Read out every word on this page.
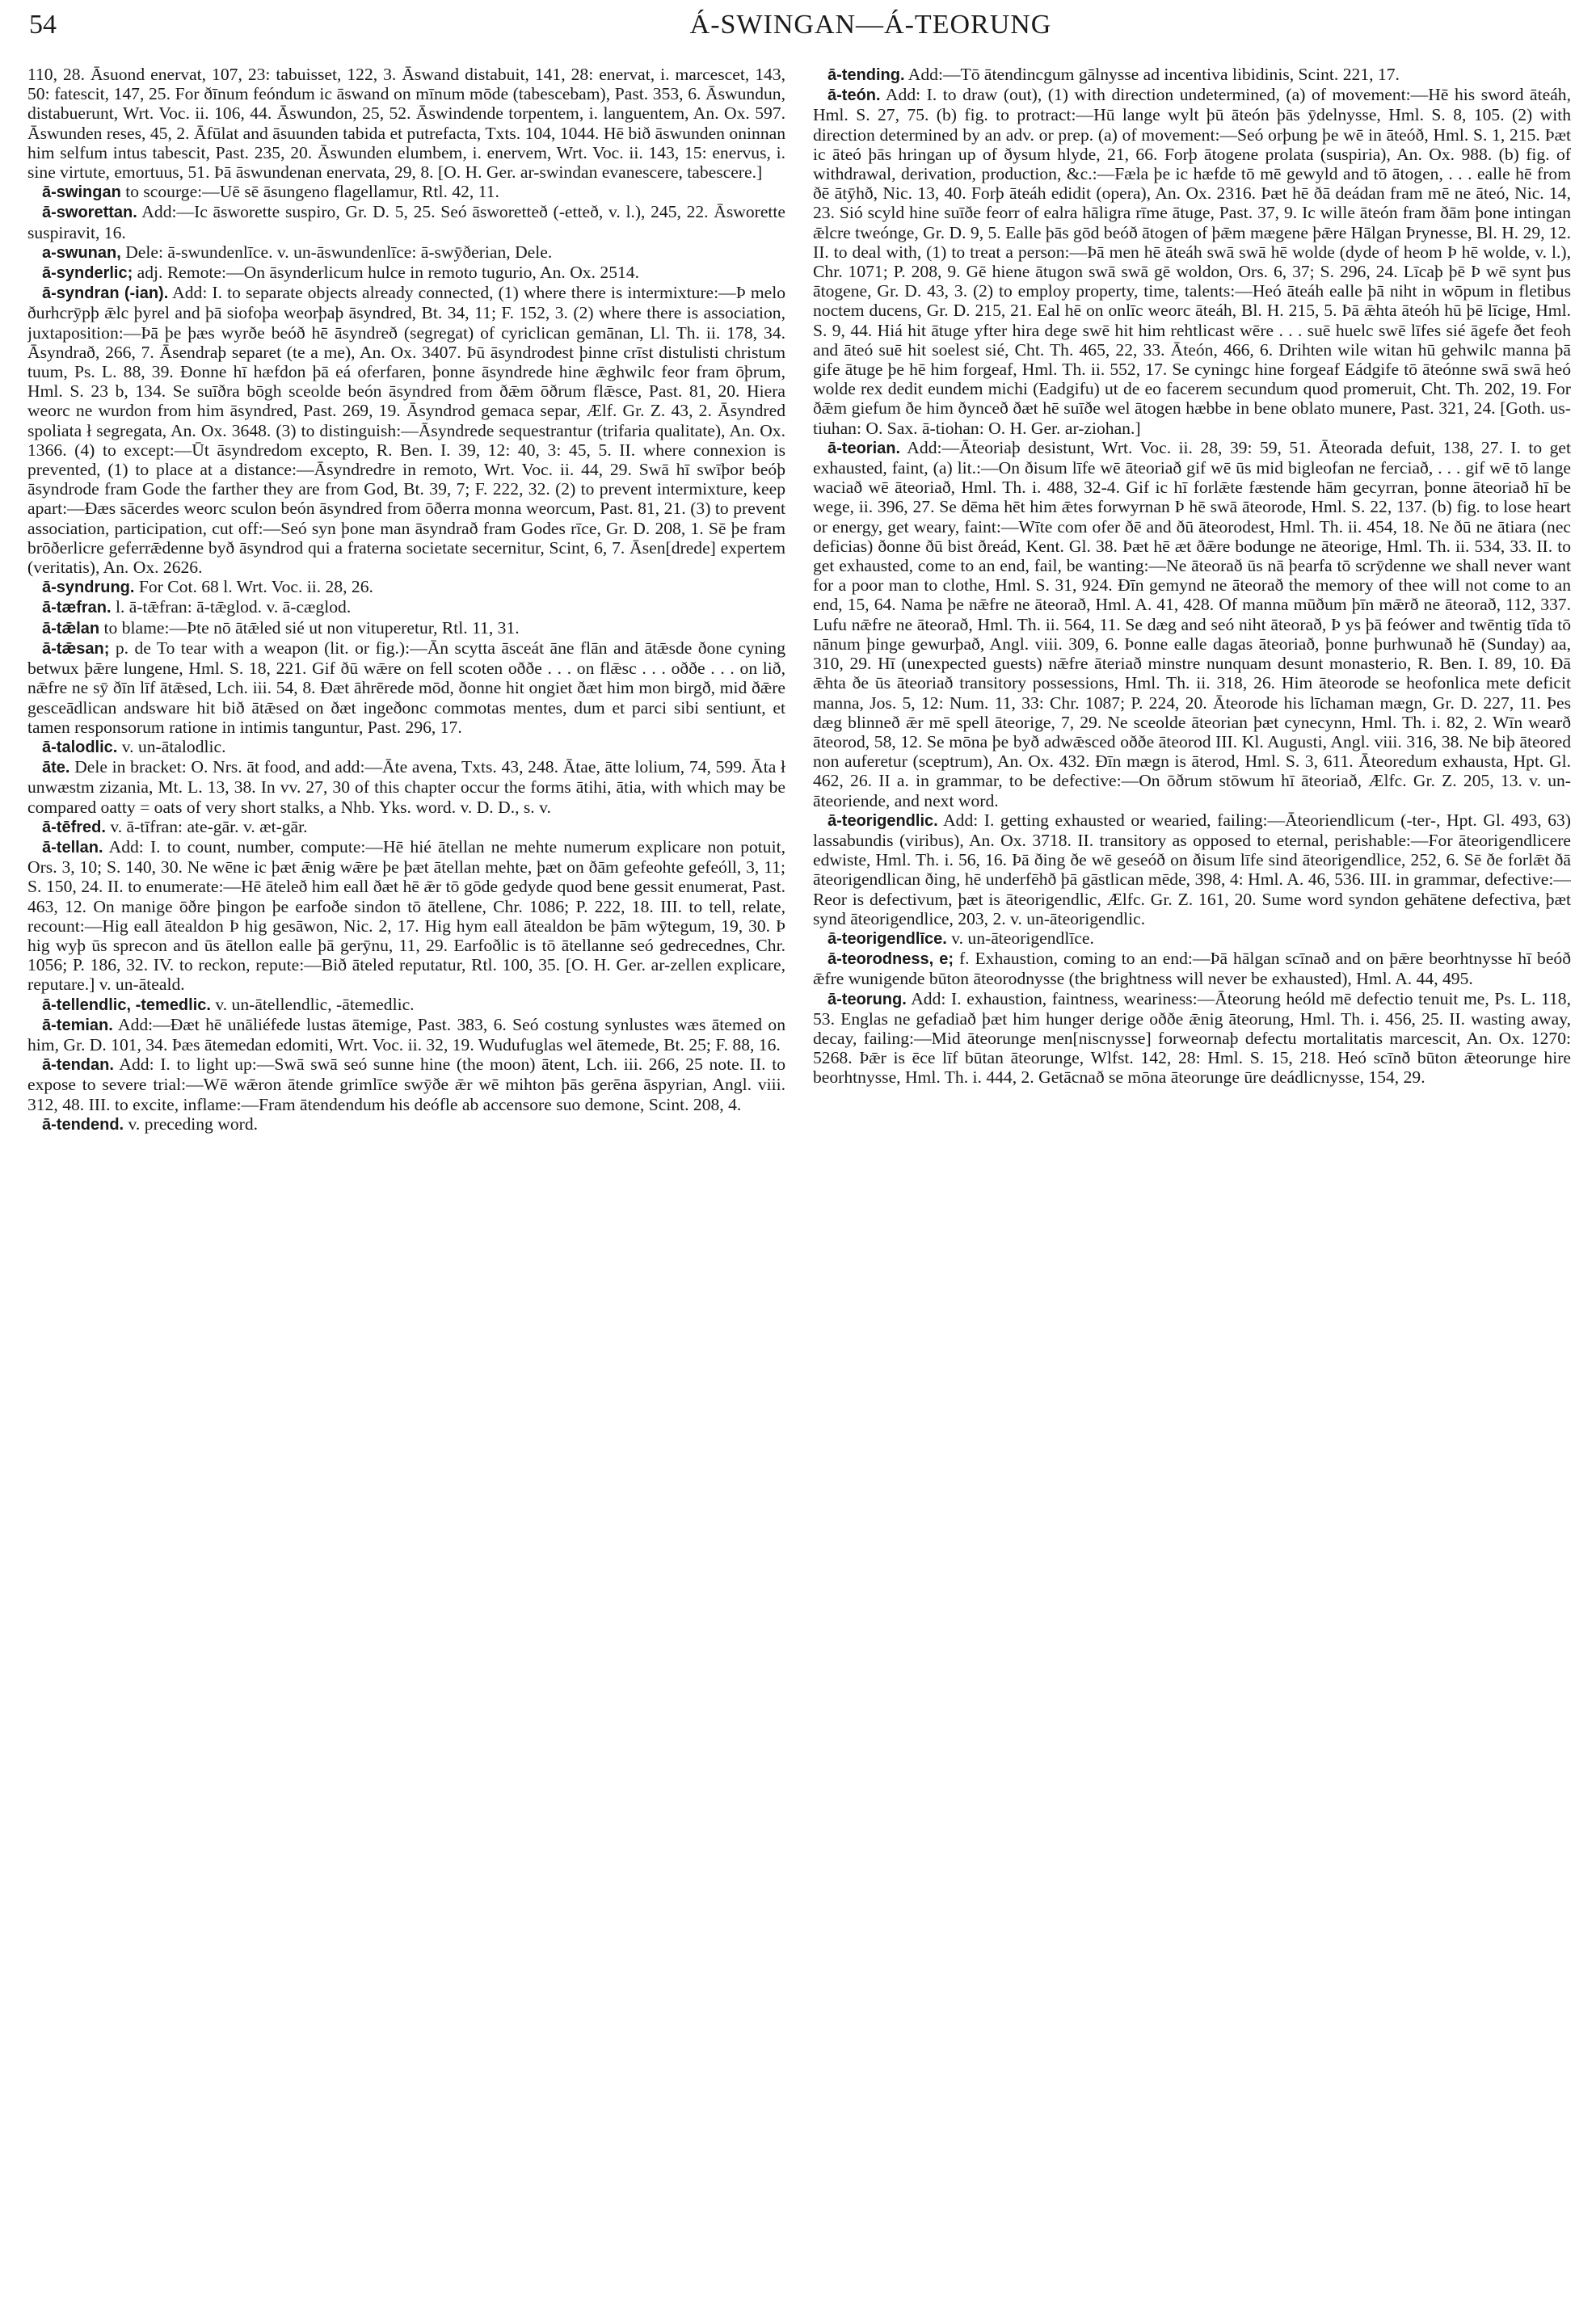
54	Á-SWINGAN—Á-TEORUNG

110, 28. Āsuond enervat, 107, 23: tabuisset, 122, 3. Āswand distabuit, 141, 28: enervat, i. marcescet, 143, 50: fatescit, 147, 25. For ðīnum feóndum ic āswand on mīnum mōde (tabescebam), Past. 353, 6. Āswundun, distabuerunt, Wrt. Voc. ii. 106, 44. Āswundon, 25, 52. Āswindende torpentem, i. languentem, An. Ox. 597. Āswunden reses, 45, 2. Āfūlat and āsuunden tabida et putrefacta, Txts. 104, 1044. Hē bið āswunden oninnan him selfum intus tabescit, Past. 235, 20. Āswunden elumbem, i. enervem, Wrt. Voc. ii. 143, 15: enervus, i. sine virtute, emortuus, 51. Þā āswundenan enervata, 29, 8. [O. H. Ger. ar-swindan evanescere, tabescere.]

ā-swingan to scourge:—Uē sē āsungeno flagellamur, Rtl. 42, 11.

ā-sworettan. Add:—Ic āsworette suspiro, Gr. D. 5, 25. Seó āsworetteð (-etteð, v. l.), 245, 22. Āsworette suspiravit, 16.

a-swunan, Dele: ā-swundenlīce. v. un-āswundenlīce: ā-swȳðerian, Dele.

ā-synderlic; adj. Remote:—On āsynderlicum hulce in remoto tugurio, An. Ox. 2514.

ā-syndran (-ian). Add: I. to separate objects already connected, (1) where there is intermixture:—Þ melo ðurhcrȳpþ ǣlc þyrel and þā siofoþa weorþaþ āsyndred, Bt. 34, 11; F. 152, 3. (2) where there is association, juxtaposition:—Þā þe þæs wyrðe beóð hē āsyndreð (segregat) of cyriclican gemānan, Ll. Th. ii. 178, 34. Āsyndrað, 266, 7. Āsendraþ separet (te a me), An. Ox. 3407. Þū āsyndrodest þinne crīst distulisti christum tuum, Ps. L. 88, 39. Ðonne hī hæfdon þā eá oferfaren, þonne āsyndrede hine ǣghwilc feor fram ōþrum, Hml. S. 23 b, 134. Se suīðra bōgh sceolde beón āsyndred from ðǣm ōðrum flǣsce, Past. 81, 20. Hiera weorc ne wurdon from him āsyndred, Past. 269, 19. Āsyndrod gemaca separ, Ælf. Gr. Z. 43, 2. Āsyndred spoliata ł segregata, An. Ox. 3648. (3) to distinguish:—Āsyndrede sequestrantur (trifaria qualitate), An. Ox. 1366. (4) to except:—Ūt āsyndredom excepto, R. Ben. I. 39, 12: 40, 3: 45, 5. II. where connexion is prevented, (1) to place at a distance:—Āsyndredre in remoto, Wrt. Voc. ii. 44, 29. Swā hī swīþor beóþ āsyndrode fram Gode the farther they are from God, Bt. 39, 7; F. 222, 32. (2) to prevent intermixture, keep apart:—Ðæs sācerdes weorc sculon beón āsyndred from ōðerra monna weorcum, Past. 81, 21. (3) to prevent association, participation, cut off:—Seó syn þone man āsyndrað fram Godes rīce, Gr. D. 208, 1. Sē þe fram brōðerlicre geferrǣdenne byð āsyndrod qui a fraterna societate secernitur, Scint, 6, 7. Āsen[drede] expertem (veritatis), An. Ox. 2626.

ā-syndrung. For Cot. 68 l. Wrt. Voc. ii. 28, 26.

ā-tæfran. l. ā-tǣfran: ā-tǣglod. v. ā-cæglod.

ā-tǣlan to blame:—Þte nō ātǣled sié ut non vituperetur, Rtl. 11, 31.

ā-tǣsan; p. de To tear with a weapon (lit. or fig.):—Ān scytta āsceát āne flān and ātǣsde ðone cyning betwux þǣre lungene, Hml. S. 18, 221. Gif ðū wǣre on fell scoten oððe . . . on flǣsc . . . oððe . . . on lið, nǣfre ne sȳ ðīn līf ātǣsed, Lch. iii. 54, 8. Ðæt āhrērede mōd, ðonne hit ongiet ðæt him mon birgð, mid ðǣre gesceādlican andsware hit bið ātǣsed on ðæt ingeðonc commotas mentes, dum et parci sibi sentiunt, et tamen responsorum ratione in intimis tanguntur, Past. 296, 17.

ā-talodlic. v. un-ātalodlic.

āte. Dele in bracket: O. Nrs. āt food, and add:—Āte avena, Txts. 43, 248. Ātae, ātte lolium, 74, 599. Āta ł unwæstm zizania, Mt. L. 13, 38. In vv. 27, 30 of this chapter occur the forms ātihi, ātia, with which may be compared oatty = oats of very short stalks, a Nhb. Yks. word. v. D. D., s. v.

ā-tēfred. v. ā-tīfran: ate-gār. v. æt-gār.

ā-tellan. Add: I. to count, number, compute:—Hē hié ātellan ne mehte numerum explicare non potuit, Ors. 3, 10; S. 140, 30. Ne wēne ic þæt ǣnig wǣre þe þæt ātellan mehte, þæt on ðām gefeohte gefeóll, 3, 11; S. 150, 24. II. to enumerate:—Hē āteleð him eall ðæt hē ǣr tō gōde gedyde quod bene gessit enumerat, Past. 463, 12. On manige ōðre þingon þe earfoðe sindon tō ātellene, Chr. 1086; P. 222, 18. III. to tell, relate, recount:—Hig eall ātealdon Þ hig gesāwon, Nic. 2, 17. Hig hym eall ātealdon be þām wȳtegum, 19, 30. Þ hig wyþ ūs sprecon and ūs ātellon ealle þā gerȳnu, 11, 29. Earfoðlic is tō ātellanne seó gedrecednes, Chr. 1056; P. 186, 32. IV. to reckon, repute:—Bið āteled reputatur, Rtl. 100, 35. [O. H. Ger. ar-zellen explicare, reputare.] v. un-āteald.

ā-tellendlic, -temedlic. v. un-ātellendlic, -ātemedlic.

ā-temian. Add:—Ðæt hē unāliéfede lustas ātemige, Past. 383, 6. Seó costung synlustes wæs ātemed on him, Gr. D. 101, 34. Þæs ātemedan edomiti, Wrt. Voc. ii. 32, 19. Wudufuglas wel ātemede, Bt. 25; F. 88, 16.

ā-tendan. Add: I. to light up:—Swā swā seó sunne hine (the moon) ātent, Lch. iii. 266, 25 note. II. to expose to severe trial:—Wē wǣron ātende grimlīce swȳðe ǣr wē mihton þās gerēna āspyrian, Angl. viii. 312, 48. III. to excite, inflame:—Fram ātendendum his deófle ab accensore suo demone, Scint. 208, 4.

ā-tendend. v. preceding word.

ā-tending. Add:—Tō ātendincgum gālnysse ad incentiva libidinis, Scint. 221, 17.

ā-teón. Add: I. to draw (out), (1) with direction undetermined, (a) of movement:—Hē his sword āteáh, Hml. S. 27, 75. (b) fig. to protract:—Hū lange wylt þū āteón þās ȳdelnysse, Hml. S. 8, 105. (2) with direction determined by an adv. or prep. (a) of movement:—Seó orþung þe wē in āteóð, Hml. S. 1, 215. Þæt ic āteó þās hringan up of ðysum hlyde, 21, 66. Forþ ātogene prolata (suspiria), An. Ox. 988. (b) fig. of withdrawal, derivation, production, &c.:—Fæla þe ic hæfde tō mē gewyld and tō ātogen, . . . ealle hē from ðē ātȳhð, Nic. 13, 40. Forþ āteáh edidit (opera), An. Ox. 2316. Þæt hē ðā deádan fram mē ne āteó, Nic. 14, 23. Sió scyld hine suīðe feorr of ealra hāligra rīme ātuge, Past. 37, 9. Ic wille āteón fram ðām þone intingan ǣlcre tweónge, Gr. D. 9, 5. Ealle þās gōd beóð ātogen of þǣm mægene þǣre Hālgan Þrynesse, Bl. H. 29, 12. II. to deal with, (1) to treat a person:—Þā men hē āteáh swā swā hē wolde (dyde of heom Þ hē wolde, v. l.), Chr. 1071; P. 208, 9. Gē hiene ātugon swā swā gē woldon, Ors. 6, 37; S. 296, 24. Līcaþ þē Þ wē synt þus ātogene, Gr. D. 43, 3. (2) to employ property, time, talents:—Heó āteáh ealle þā niht in wōpum in fletibus noctem ducens, Gr. D. 215, 21. Eal hē on onlīc weorc āteáh, Bl. H. 215, 5. Þā ǣhta āteóh hū þē līcige, Hml. S. 9, 44. Hiá hit ātuge yfter hira dege swē hit him rehtlicast wēre . . . suē huelc swē līfes sié āgefe ðet feoh and āteó suē hit soelest sié, Cht. Th. 465, 22, 33. Āteón, 466, 6. Drihten wile witan hū gehwilc manna þā gife ātuge þe hē him forgeaf, Hml. Th. ii. 552, 17. Se cyningc hine forgeaf Eádgife tō āteónne swā swā heó wolde rex dedit eundem michi (Eadgifu) ut de eo facerem secundum quod promeruit, Cht. Th. 202, 19. For ðǣm giefum ðe him ðynceð ðæt hē suīðe wel ātogen hæbbe in bene oblato munere, Past. 321, 24. [Goth. us-tiuhan: O. Sax. ā-tiohan: O. H. Ger. ar-ziohan.]

ā-teorian. Add:—Āteoriaþ desistunt, Wrt. Voc. ii. 28, 39: 59, 51. Āteorada defuit, 138, 27. I. to get exhausted, faint, (a) lit.:—On ðisum līfe wē āteoriað gif wē ūs mid bigleofan ne ferciað, . . . gif wē tō lange waciað wē āteoriað, Hml. Th. i. 488, 32-4. Gif ic hī forlǣte fæstende hām gecyrran, þonne āteoriað hī be wege, ii. 396, 27. Se dēma hēt him ǣtes forwyrnan Þ hē swā āteorode, Hml. S. 22, 137. (b) fig. to lose heart or energy, get weary, faint:—Wīte com ofer ðē and ðū āteorodest, Hml. Th. ii. 454, 18. Ne ðū ne ātiara (nec deficias) ðonne ðū bist ðreád, Kent. Gl. 38. Þæt hē æt ðǣre bodunge ne āteorige, Hml. Th. ii. 534, 33. II. to get exhausted, come to an end, fail, be wanting:—Ne āteorað ūs nā þearfa tō scrȳdenne we shall never want for a poor man to clothe, Hml. S. 31, 924. Ðīn gemynd ne āteorað the memory of thee will not come to an end, 15, 64. Nama þe nǣfre ne āteorað, Hml. A. 41, 428. Of manna mūðum þīn mǣrð ne āteorað, 112, 337. Lufu nǣfre ne āteorað, Hml. Th. ii. 564, 11. Se dæg and seó niht āteorað, Þ ys þā feówer and twēntig tīda tō nānum þinge gewurþað, Angl. viii. 309, 6. Þonne ealle dagas āteoriað, þonne þurhwunað hē (Sunday) aa, 310, 29. Hī (unexpected guests) nǣfre āteriað minstre nunquam desunt monasterio, R. Ben. I. 89, 10. Ðā ǣhta ðe ūs āteoriað transitory possessions, Hml. Th. ii. 318, 26. Him āteorode se heofonlica mete deficit manna, Jos. 5, 12: Num. 11, 33: Chr. 1087; P. 224, 20. Āteorode his līchaman mægn, Gr. D. 227, 11. Þes dæg blinneð ǣr mē spell āteorige, 7, 29. Ne sceolde āteorian þæt cynecynn, Hml. Th. i. 82, 2. Wīn wearð āteorod, 58, 12. Se mōna þe byð adwǣsced oððe āteorod III. Kl. Augusti, Angl. viii. 316, 38. Ne biþ āteored non auferetur (sceptrum), An. Ox. 432. Ðīn mægn is āterod, Hml. S. 3, 611. Āteoredum exhausta, Hpt. Gl. 462, 26. II a. in grammar, to be defective:—On ōðrum stōwum hī āteoriað, Ælfc. Gr. Z. 205, 13. v. un-āteoriende, and next word.

ā-teorigendlic. Add: I. getting exhausted or wearied, failing:—Āteoriendlicum (-ter-, Hpt. Gl. 493, 63) lassabundis (viribus), An. Ox. 3718. II. transitory as opposed to eternal, perishable:—For āteorigendlicere edwiste, Hml. Th. i. 56, 16. Þā ðing ðe wē geseóð on ðisum līfe sind āteorigendlice, 252, 6. Sē ðe forlǣt ðā āteorigendlican ðing, hē underfēhð þā gāstlican mēde, 398, 4: Hml. A. 46, 536. III. in grammar, defective:—Reor is defectivum, þæt is āteorigendlic, Ælfc. Gr. Z. 161, 20. Sume word syndon gehātene defectiva, þæt synd āteorigendlice, 203, 2. v. un-āteorigendlic.

ā-teorigendlīce. v. un-āteorigendlīce.

ā-teorodness, e; f. Exhaustion, coming to an end:—Þā hālgan scīnað and on þǣre beorhtnysse hī beóð ǣfre wunigende būton āteorodnysse (the brightness will never be exhausted), Hml. A. 44, 495.

ā-teorung. Add: I. exhaustion, faintness, weariness:—Āteorung heóld mē defectio tenuit me, Ps. L. 118, 53. Englas ne gefadiað þæt him hunger derige oððe ǣnig āteorung, Hml. Th. i. 456, 25. II. wasting away, decay, failing:—Mid āteorunge men[niscnysse] forweornaþ defectu mortalitatis marcescit, An. Ox. 1270: 5268. Þǣr is ēce līf būtan āteorunge, Wlfst. 142, 28: Hml. S. 15, 218. Heó scīnð būton ǣteorunge hire beorhtnysse, Hml. Th. i. 444, 2. Getācnað se mōna āteorunge ūre deádlicnysse, 154, 29.
